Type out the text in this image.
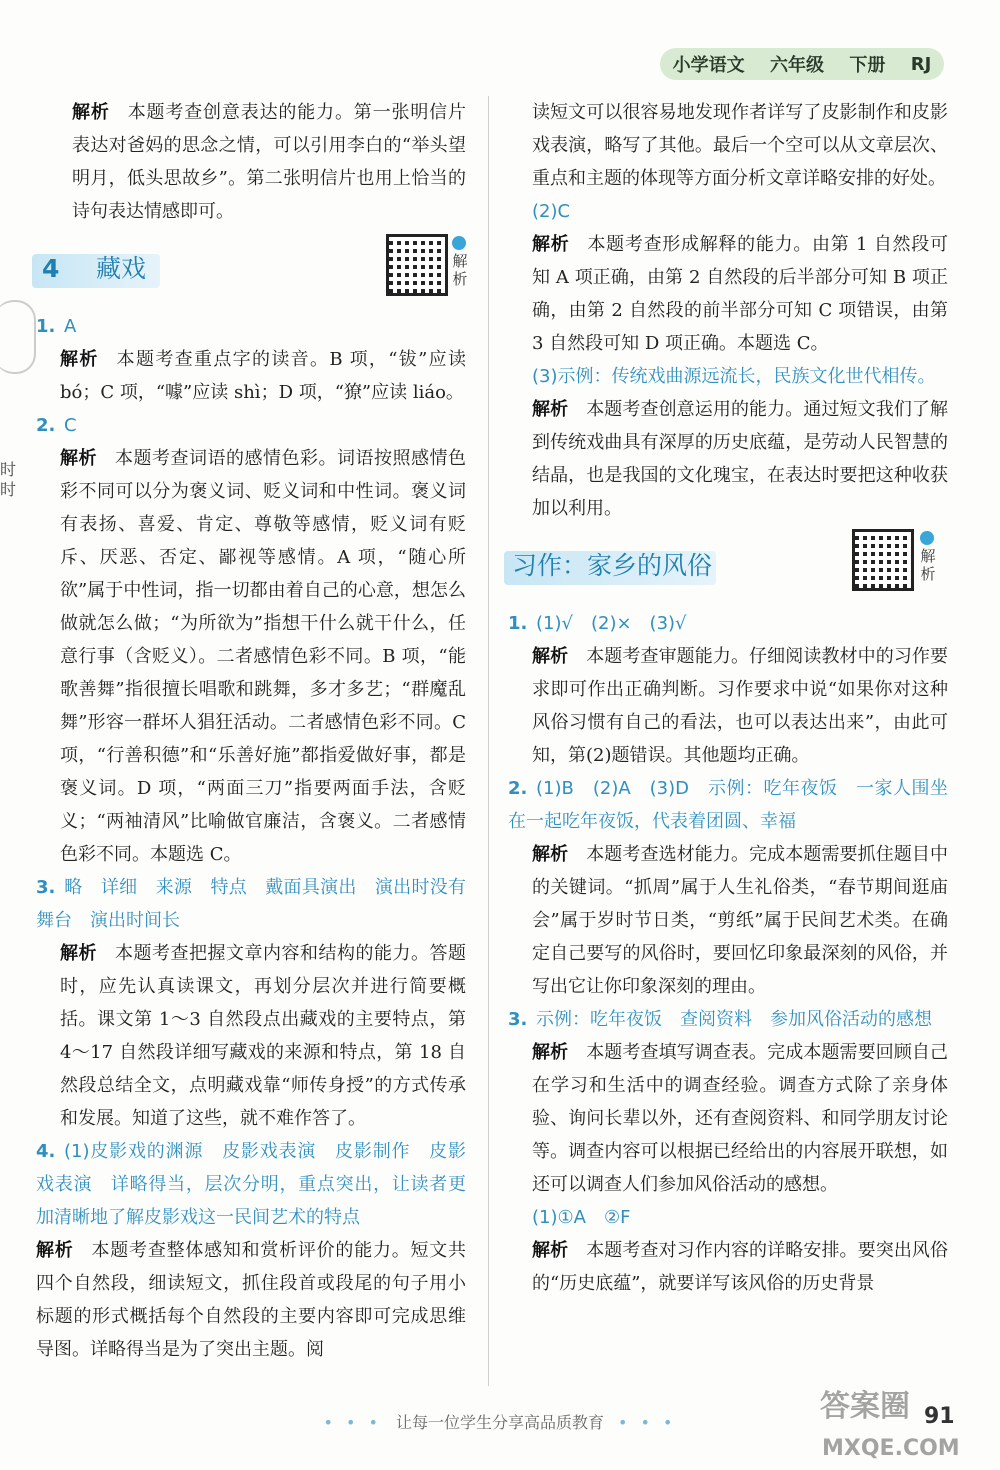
小学语文 六年级 下册 RJ
时
时

解析 本题考查创意表达的能力。第一张明信片表达对爸妈的思念之情，可以引用李白的“举头望明月，低头思故乡”。第二张明信片也用上恰当的诗句表达情感即可。

4 藏戏	解析

1. A

解析 本题考查重点字的读音。B 项，“钹”应读 bó；C 项，“噱”应读 shì；D 项，“獠”应读 liáo。

2. C

解析 本题考查词语的感情色彩。词语按照感情色彩不同可以分为褒义词、贬义词和中性词。褒义词有表扬、喜爱、肯定、尊敬等感情，贬义词有贬斥、厌恶、否定、鄙视等感情。A 项，“随心所欲”属于中性词，指一切都由着自己的心意，想怎么做就怎么做；“为所欲为”指想干什么就干什么，任意行事（含贬义）。二者感情色彩不同。B 项，“能歌善舞”指很擅长唱歌和跳舞，多才多艺；“群魔乱舞”形容一群坏人猖狂活动。二者感情色彩不同。C 项，“行善积德”和“乐善好施”都指爱做好事，都是褒义词。D 项，“两面三刀”指要两面手法，含贬义；“两袖清风”比喻做官廉洁，含褒义。二者感情色彩不同。本题选 C。

3. 略　详细　来源　特点　戴面具演出　演出时没有舞台　演出时间长

解析 本题考查把握文章内容和结构的能力。答题时，应先认真读课文，再划分层次并进行简要概括。课文第 1～3 自然段点出藏戏的主要特点，第 4～17 自然段详细写藏戏的来源和特点，第 18 自然段总结全文，点明藏戏靠“师传身授”的方式传承和发展。知道了这些，就不难作答了。

4. (1)皮影戏的渊源　皮影戏表演　皮影制作　皮影戏表演　详略得当，层次分明，重点突出，让读者更加清晰地了解皮影戏这一民间艺术的特点

解析 本题考查整体感知和赏析评价的能力。短文共四个自然段，细读短文，抓住段首或段尾的句子用小标题的形式概括每个自然段的主要内容即可完成思维导图。详略得当是为了突出主题。阅

读短文可以很容易地发现作者详写了皮影制作和皮影戏表演，略写了其他。最后一个空可以从文章层次、重点和主题的体现等方面分析文章详略安排的好处。

(2)C

解析 本题考查形成解释的能力。由第 1 自然段可知 A 项正确，由第 2 自然段的后半部分可知 B 项正确，由第 2 自然段的前半部分可知 C 项错误，由第 3 自然段可知 D 项正确。本题选 C。

(3)示例：传统戏曲源远流长，民族文化世代相传。

解析 本题考查创意运用的能力。通过短文我们了解到传统戏曲具有深厚的历史底蕴，是劳动人民智慧的结晶，也是我国的文化瑰宝，在表达时要把这种收获加以利用。

习作：家乡的风俗	解析

1. (1)√　(2)×　(3)√

解析 本题考查审题能力。仔细阅读教材中的习作要求即可作出正确判断。习作要求中说“如果你对这种风俗习惯有自己的看法，也可以表达出来”，由此可知，第(2)题错误。其他题均正确。

2. (1)B　(2)A　(3)D　示例：吃年夜饭　一家人围坐在一起吃年夜饭，代表着团圆、幸福

解析 本题考查选材能力。完成本题需要抓住题目中的关键词。“抓周”属于人生礼俗类，“春节期间逛庙会”属于岁时节日类，“剪纸”属于民间艺术类。在确定自己要写的风俗时，要回忆印象最深刻的风俗，并写出它让你印象深刻的理由。

3. 示例：吃年夜饭　查阅资料　参加风俗活动的感想

解析 本题考查填写调查表。完成本题需要回顾自己在学习和生活中的调查经验。调查方式除了亲身体验、询问长辈以外，还有查阅资料、和同学朋友讨论等。调查内容可以根据已经给出的内容展开联想，如还可以调查人们参加风俗活动的感想。

(1)①A　②F

解析 本题考查对习作内容的详略安排。要突出风俗的“历史底蕴”，就要详写该风俗的历史背景

• • • 让每一位学生分享高品质教育 • • •	91
答案圈
MXQE.COM
